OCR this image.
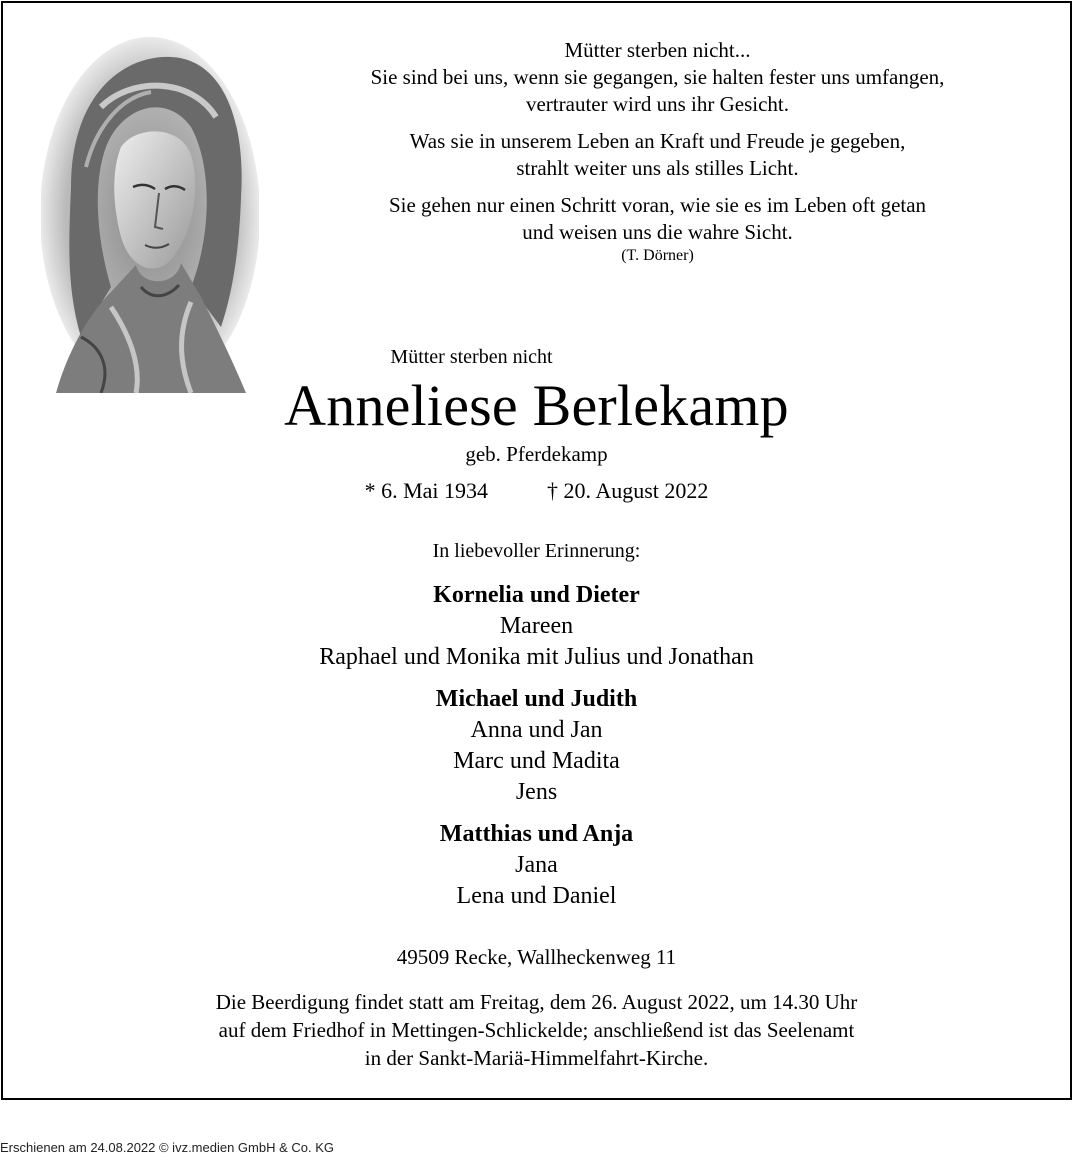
Mütter sterben nicht...
Sie sind bei uns, wenn sie gegangen, sie halten fester uns umfangen,
vertrauter wird uns ihr Gesicht.
Was sie in unserem Leben an Kraft und Freude je gegeben,
strahlt weiter uns als stilles Licht.
Sie gehen nur einen Schritt voran, wie sie es im Leben oft getan
und weisen uns die wahre Sicht.
(T. Dörner)
Mütter sterben nicht
Anneliese Berlekamp
geb. Pferdekamp
* 6. Mai 1934	† 20. August 2022
In liebevoller Erinnerung:
Kornelia und Dieter
Mareen
Raphael und Monika mit Julius und Jonathan
Michael und Judith
Anna und Jan
Marc und Madita
Jens
Matthias und Anja
Jana
Lena und Daniel
49509 Recke, Wallheckenweg 11
Die Beerdigung findet statt am Freitag, dem 26. August 2022, um 14.30 Uhr
auf dem Friedhof in Mettingen-Schlickelde; anschließend ist das Seelenamt
in der Sankt-Mariä-Himmelfahrt-Kirche.
Erschienen am 24.08.2022 © ivz.medien GmbH & Co. KG
